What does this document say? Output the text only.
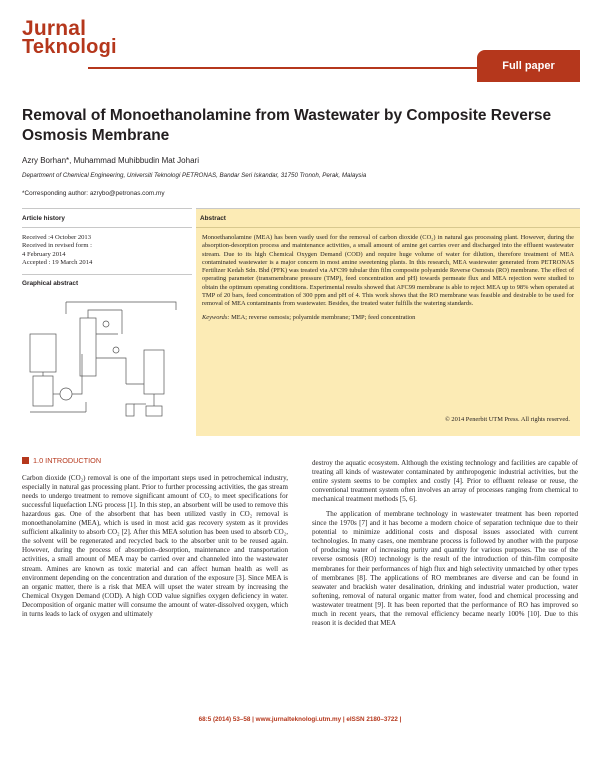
Jurnal
Teknologi
Full paper
Removal of Monoethanolamine from Wastewater by Composite Reverse Osmosis Membrane
Azry Borhan*, Muhammad Muhibbudin Mat Johari
Department of Chemical Engineering, Universiti Teknologi PETRONAS, Bandar Seri Iskandar, 31750 Tronoh, Perak, Malaysia
*Corresponding author: azrybo@petronas.com.my
Article history
Received :4 October 2013
Received in revised form :
4 February 2014
Accepted : 19 March 2014
Graphical abstract
Abstract
Monoethanolamine (MEA) has been vastly used for the removal of carbon dioxide (CO₂) in natural gas processing plant. However, during the absorption-desorption process and maintenance activities, a small amount of amine get carries over and discharged into the effluent wastewater stream. Due to its high Chemical Oxygen Demand (COD) and require huge volume of water for dilution, therefore treatment of MEA contaminated wastewater is a major concern in most amine sweetening plants. In this research, MEA wastewater generated from PETRONAS Fertilizer Kedah Sdn. Bhd (PFK) was treated via AFC99 tubular thin film composite polyamide Reverse Osmosis (RO) membrane. The effect of operating parameter (transmembrane pressure (TMP), feed concentration and pH) towards permeate flux and MEA rejection were studied to obtain the optimum operating conditions. Experimental results showed that AFC99 membrane is able to reject MEA up to 98% when operated at TMP of 20 bars, feed concentration of 300 ppm and pH of 4. This work shows that the RO membrane was feasible and desirable to be used for removal of MEA contaminants from wastewater. Besides, the treated water fulfills the watering standards.
Keywords: MEA; reverse osmosis; polyamide membrane; TMP; feed concentration
© 2014 Penerbit UTM Press. All rights reserved.
1.0 INTRODUCTION

Carbon dioxide (CO₂) removal is one of the important steps used in petrochemical industry, especially in natural gas processing plant. Prior to further processing activities, the gas stream needs to undergo treatment to remove significant amount of CO₂ to meet specifications for successful liquefaction LNG process [1]. In this step, an absorbent will be used to remove this hazardous gas. One of the absorbent that has been utilized vastly in CO₂ removal is monoethanolamine (MEA), which is used in most acid gas recovery system as it provides sufficient alkalinity to absorb CO₂ [2]. After this MEA solution has been used to absorb CO₂, the solvent will be regenerated and recycled back to the absorber unit to be reused again. However, during the process of absorption–desorption, maintenance and transportation activities, a small amount of MEA may be carried over and channeled into the wastewater stream. Amines are known as toxic material and can affect human health as well as environment depending on the concentration and duration of the exposure [3]. Since MEA is an organic matter, there is a risk that MEA will upset the water stream by increasing the Chemical Oxygen Demand (COD). A high COD value signifies oxygen deficiency in water. Decomposition of organic matter will consume the amount of water-dissolved oxygen, which in turns leads to lack of oxygen and ultimately

destroy the aquatic ecosystem. Although the existing technology and facilities are capable of treating all kinds of wastewater contaminated by anthropogenic industrial activities, but the entire system seems to be complex and costly [4]. Prior to effluent release or reuse, the conventional treatment system often involves an array of processes ranging from chemical to mechanical treatment methods [5, 6].

The application of membrane technology in wastewater treatment has been reported since the 1970s [7] and it has become a modern choice of separation technique due to their potential to minimize additional costs and disposal issues associated with current technologies. In many cases, one membrane process is followed by another with the purpose of producing water of increasing purity and quantity for various purposes. The use of the reverse osmosis (RO) technology is the result of the introduction of thin-film composite membranes for their performances of high flux and high selectivity unmatched by other types of membranes [8]. The applications of RO membranes are diverse and can be found in seawater and brackish water desalination, drinking and industrial water production, water softening, removal of natural organic matter from water, food and chemical processing and wastewater treatment [9]. It has been reported that the performance of RO has improved so much in recent years, that the removal efficiency became nearly 100% [10]. Due to this reason it is decided that MEA

68:5 (2014) 53–58 | www.jurnalteknologi.utm.my | eISSN 2180–3722 |
